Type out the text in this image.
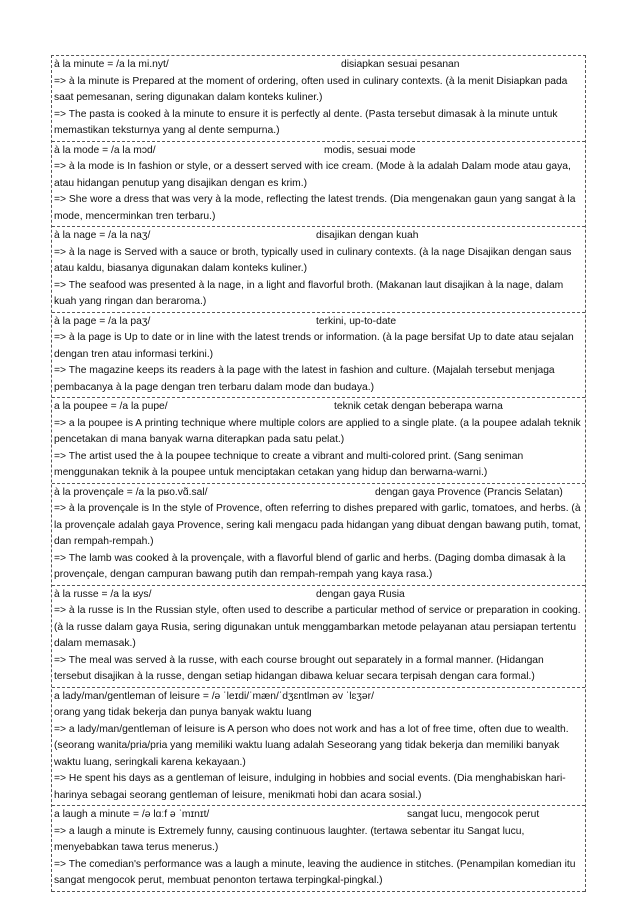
à la minute = /a la mi.nyt/	disiapkan sesuai pesanan
=> à la minute is Prepared at the moment of ordering, often used in culinary contexts. (à la menit Disiapkan pada saat pemesanan, sering digunakan dalam konteks kuliner.)
=> The pasta is cooked à la minute to ensure it is perfectly al dente. (Pasta tersebut dimasak à la minute untuk memastikan teksturnya yang al dente sempurna.)
à la mode = /a la mɔd/	modis, sesuai mode
=> à la mode is In fashion or style, or a dessert served with ice cream. (Mode à la adalah Dalam mode atau gaya, atau hidangan penutup yang disajikan dengan es krim.)
=> She wore a dress that was very à la mode, reflecting the latest trends. (Dia mengenakan gaun yang sangat à la mode, mencerminkan tren terbaru.)
à la nage = /a la naʒ/	disajikan dengan kuah
=> à la nage is Served with a sauce or broth, typically used in culinary contexts. (à la nage Disajikan dengan saus atau kaldu, biasanya digunakan dalam konteks kuliner.)
=> The seafood was presented à la nage, in a light and flavorful broth. (Makanan laut disajikan à la nage, dalam kuah yang ringan dan beraroma.)
à la page = /a la paʒ/	terkini, up-to-date
=> à la page is Up to date or in line with the latest trends or information. (à la page bersifat Up to date atau sejalan dengan tren atau informasi terkini.)
=> The magazine keeps its readers à la page with the latest in fashion and culture. (Majalah tersebut menjaga pembacanya à la page dengan tren terbaru dalam mode dan budaya.)
a la poupee = /a la pupe/	teknik cetak dengan beberapa warna
=> a la poupee is A printing technique where multiple colors are applied to a single plate. (a la poupee adalah teknik pencetakan di mana banyak warna diterapkan pada satu pelat.)
=> The artist used the à la poupee technique to create a vibrant and multi-colored print. (Sang seniman menggunakan teknik à la poupee untuk menciptakan cetakan yang hidup dan berwarna-warni.)
à la provençale = /a la pʁo.vɑ̃.sal/	dengan gaya Provence (Prancis Selatan)
=> à la provençale is In the style of Provence, often referring to dishes prepared with garlic, tomatoes, and herbs. (à la provençale adalah gaya Provence, sering kali mengacu pada hidangan yang dibuat dengan bawang putih, tomat, dan rempah-rempah.)
=> The lamb was cooked à la provençale, with a flavorful blend of garlic and herbs. (Daging domba dimasak à la provençale, dengan campuran bawang putih dan rempah-rempah yang kaya rasa.)
à la russe = /a la ʁys/	dengan gaya Rusia
=> à la russe is In the Russian style, often used to describe a particular method of service or preparation in cooking. (à la russe dalam gaya Rusia, sering digunakan untuk menggambarkan metode pelayanan atau persiapan tertentu dalam memasak.)
=> The meal was served à la russe, with each course brought out separately in a formal manner. (Hidangan tersebut disajikan à la russe, dengan setiap hidangan dibawa keluar secara terpisah dengan cara formal.)
a lady/man/gentleman of leisure = /ə ˈleɪdi/ˈmæn/ˈdʒɛntlmən əv ˈlɛʒər/
orang yang tidak bekerja dan punya banyak waktu luang
=> a lady/man/gentleman of leisure is A person who does not work and has a lot of free time, often due to wealth. (seorang wanita/pria/pria yang memiliki waktu luang adalah Seseorang yang tidak bekerja dan memiliki banyak waktu luang, seringkali karena kekayaan.)
=> He spent his days as a gentleman of leisure, indulging in hobbies and social events. (Dia menghabiskan hari-harinya sebagai seorang gentleman of leisure, menikmati hobi dan acara sosial.)
a laugh a minute = /ə lɑːf ə ˈmɪnɪt/	sangat lucu, mengocok perut
=> a laugh a minute is Extremely funny, causing continuous laughter. (tertawa sebentar itu Sangat lucu, menyebabkan tawa terus menerus.)
=> The comedian's performance was a laugh a minute, leaving the audience in stitches. (Penampilan komedian itu sangat mengocok perut, membuat penonton tertawa terpingkal-pingkal.)
